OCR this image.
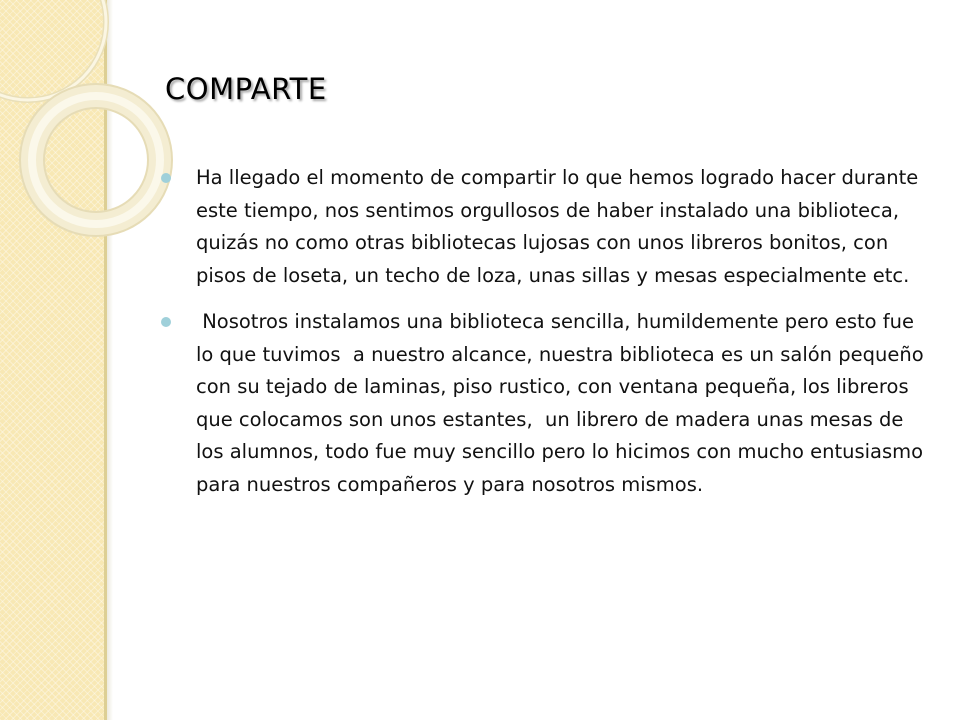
COMPARTE

Ha llegado el momento de compartir lo que hemos logrado hacer durante este tiempo, nos sentimos orgullosos de haber instalado una biblioteca, quizás no como otras bibliotecas lujosas con unos libreros bonitos, con pisos de loseta, un techo de loza, unas sillas y mesas especialmente etc.

Nosotros instalamos una biblioteca sencilla, humildemente pero esto fue lo que tuvimos  a nuestro alcance, nuestra biblioteca es un salón pequeño con su tejado de laminas, piso rustico, con ventana pequeña, los libreros que colocamos son unos estantes,  un librero de madera unas mesas de los alumnos, todo fue muy sencillo pero lo hicimos con mucho entusiasmo para nuestros compañeros y para nosotros mismos.
